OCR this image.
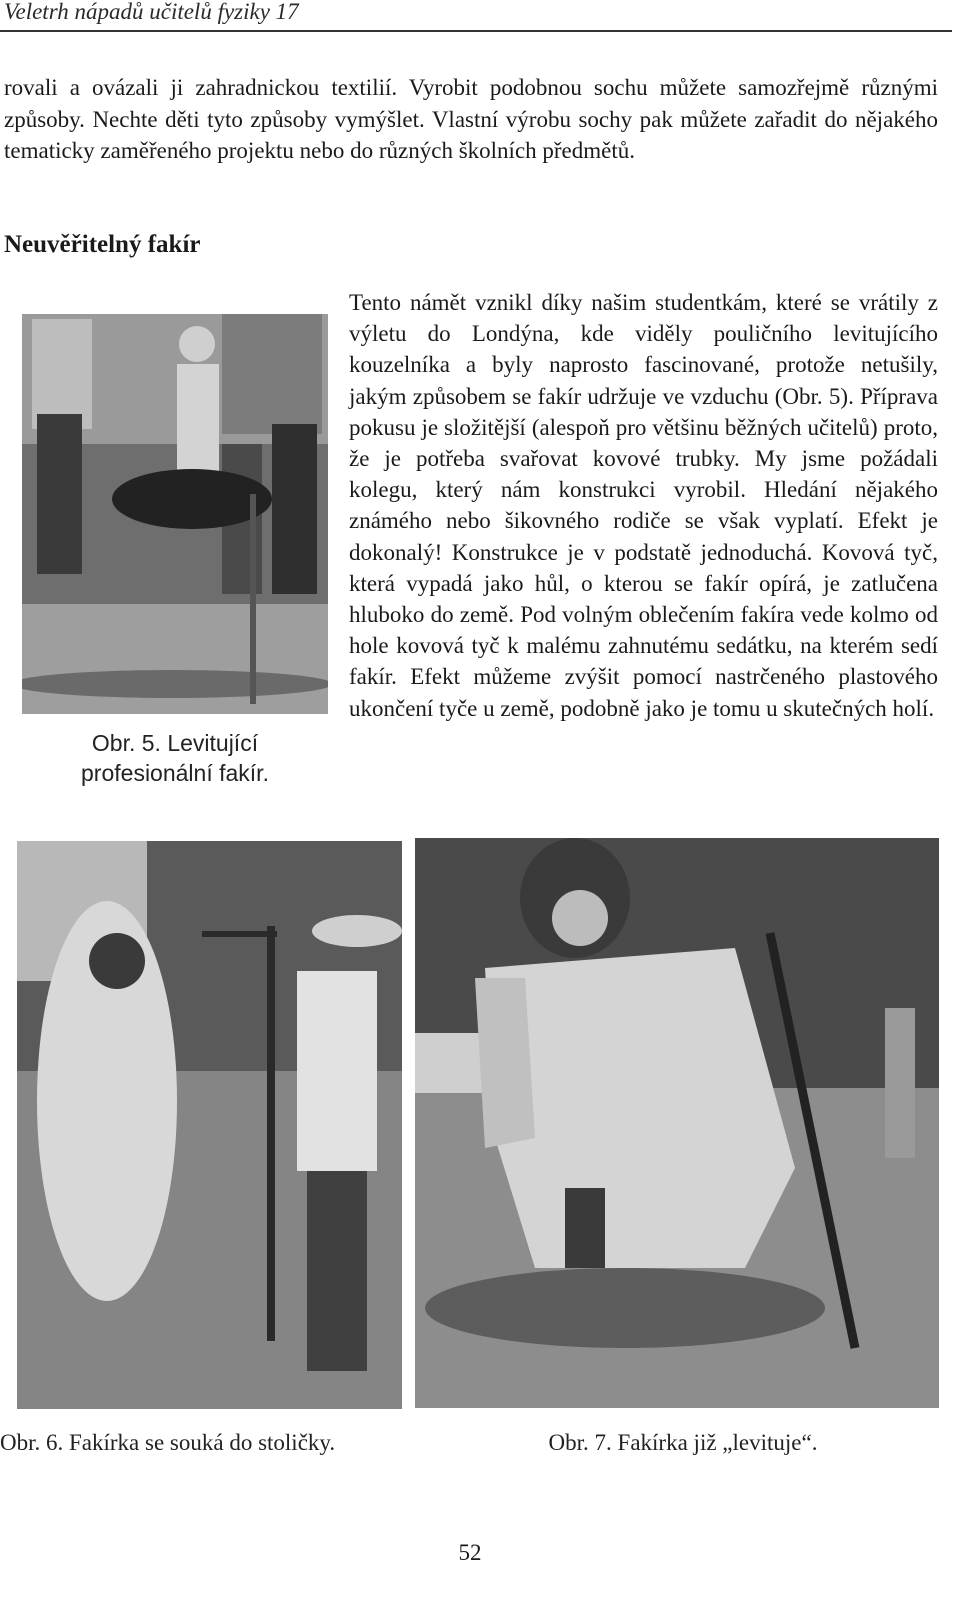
Veletrh nápadů učitelů fyziky 17

rovali a ovázali ji zahradnickou textilií. Vyrobit podobnou sochu můžete samozřejmě různými způsoby. Nechte děti tyto způsoby vymýšlet. Vlastní výrobu sochy pak můžete zařadit do nějakého tematicky zaměřeného projektu nebo do různých školních předmětů.

Neuvěřitelný fakír
Obr. 5. Levitující
profesionální fakír.

Tento námět vznikl díky našim studentkám, které se vrátily z výletu do Londýna, kde viděly pouličního levitujícího kouzelníka a byly naprosto fascinované, protože netušily, jakým způsobem se fakír udržuje ve vzduchu (Obr. 5). Příprava pokusu je složitější (alespoň pro většinu běžných učitelů) proto, že je potřeba svařovat kovové trubky. My jsme požádali kolegu, který nám konstrukci vyrobil. Hledání nějakého známého nebo šikovného rodiče se však vyplatí. Efekt je dokonalý! Konstrukce je v podstatě jednoduchá. Kovová tyč, která vypadá jako hůl, o kterou se fakír opírá, je zatlučena hluboko do země. Pod volným oblečením fakíra vede kolmo od hole kovová tyč k malému zahnutému sedátku, na kterém sedí fakír. Efekt můžeme zvýšit pomocí nastrčeného plastového ukončení tyče u země, podobně jako je tomu u skutečných holí.

Obr. 6. Fakírka se souká do stoličky.	Obr. 7. Fakírka již „levituje“.
52
